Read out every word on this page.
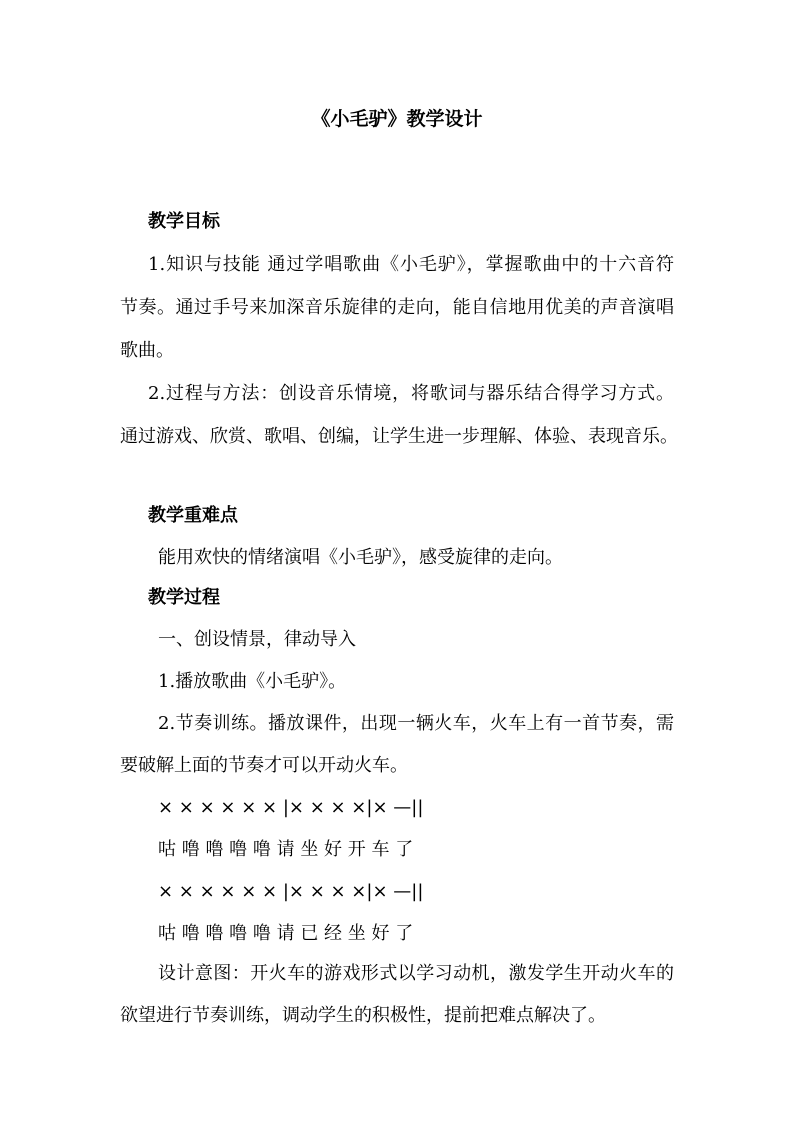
《小毛驴》教学设计
教学目标
1.知识与技能 通过学唱歌曲《小毛驴》，掌握歌曲中的十六音符
节奏。通过手号来加深音乐旋律的走向，能自信地用优美的声音演唱
歌曲。
2.过程与方法：创设音乐情境，将歌词与器乐结合得学习方式。
通过游戏、欣赏、歌唱、创编，让学生进一步理解、体验、表现音乐。
教学重难点
能用欢快的情绪演唱《小毛驴》，感受旋律的走向。
教学过程
一、创设情景，律动导入
1.播放歌曲《小毛驴》。
2.节奏训练。播放课件，出现一辆火车，火车上有一首节奏，需
要破解上面的节奏才可以开动火车。
× × × × × × |× × × ×|× —||
咕 噜 噜 噜 噜 请 坐 好 开 车 了
× × × × × × |× × × ×|× —||
咕 噜 噜 噜 噜 请 已 经 坐 好 了
设计意图：开火车的游戏形式以学习动机，激发学生开动火车的
欲望进行节奏训练，调动学生的积极性，提前把难点解决了。
